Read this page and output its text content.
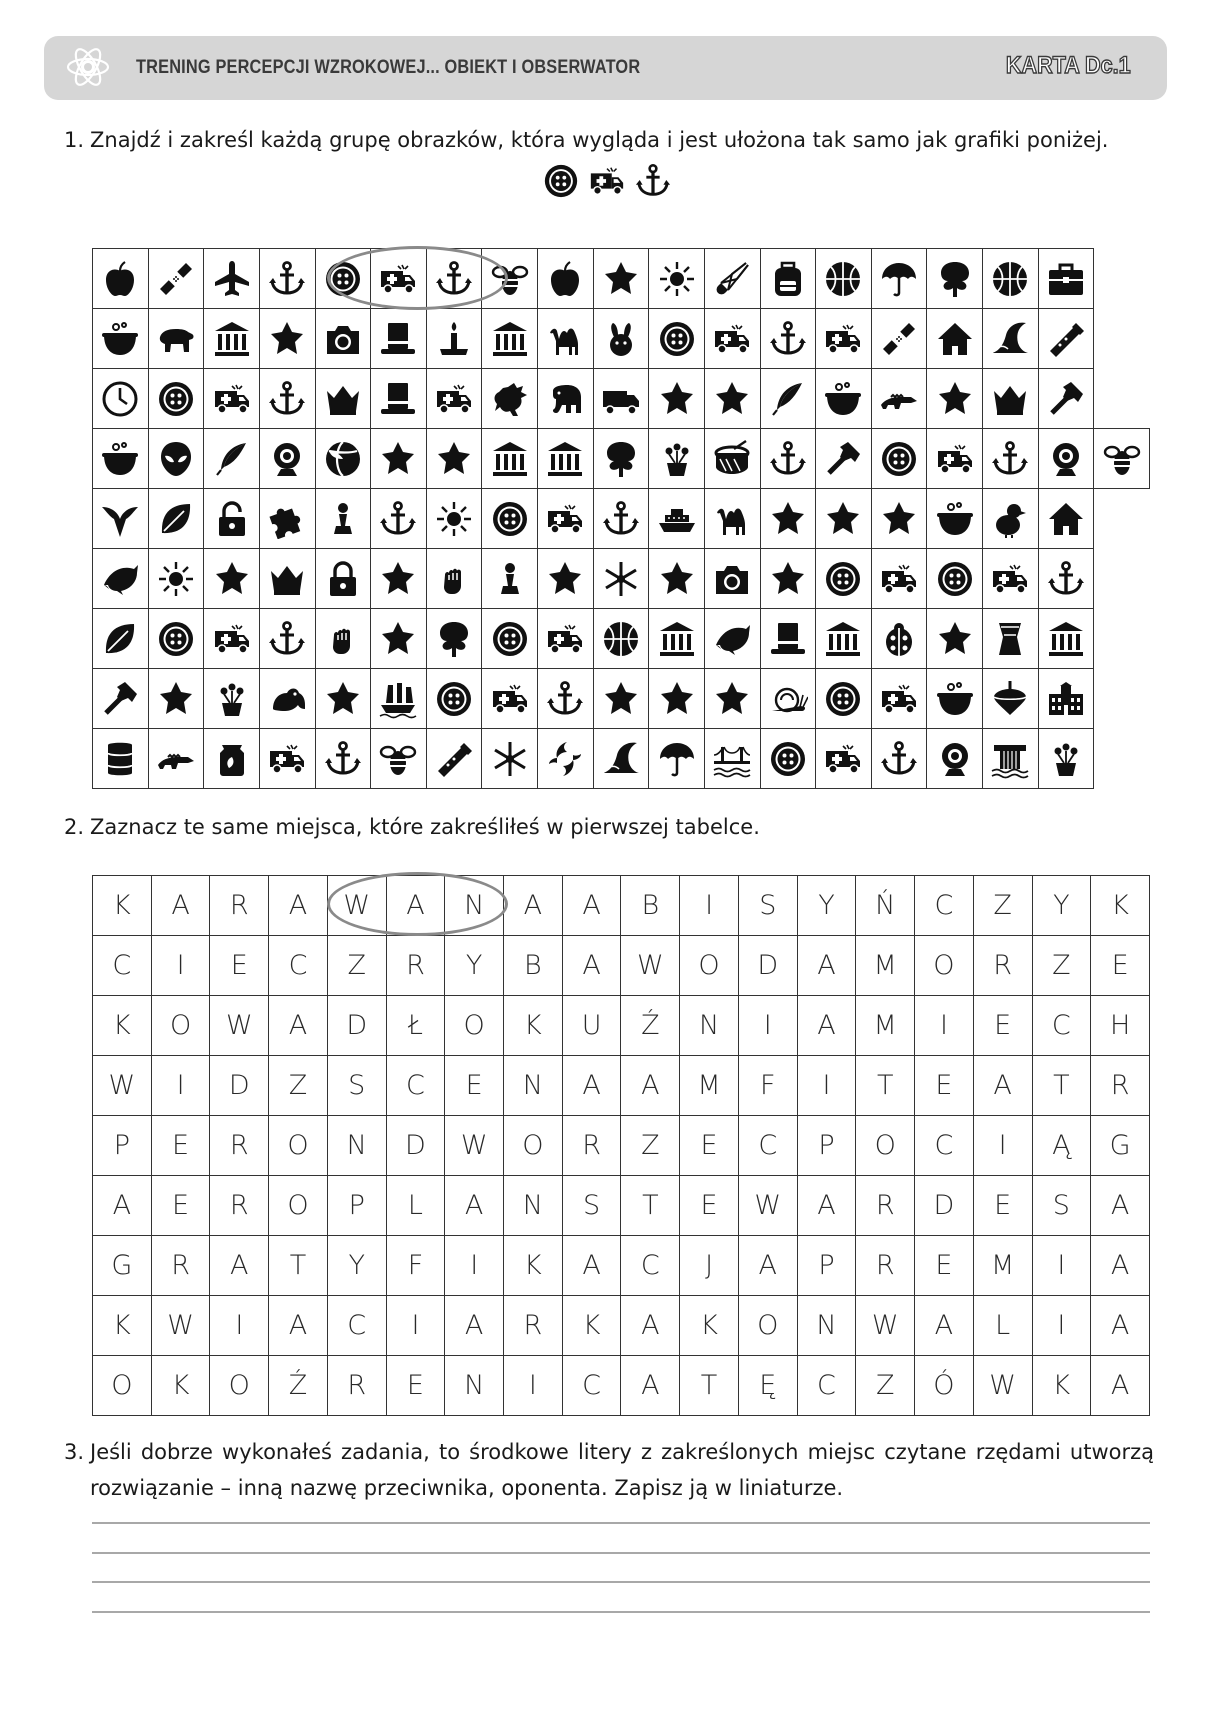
TRENING PERCEPCJI WZROKOWEJ... OBIEKT I OBSERWATOR	KARTA Dc.1
1. Znajdź i zakreśl każdą grupę obrazków, która wygląda i jest ułożona tak samo jak grafiki poniżej.

2. Zaznacz te same miejsca, które zakreśliłeś w pierwszej tabelce.
K	A	R	A	W	A	N	A	A	B	I	S	Y	Ń	C	Z	Y	K
C	I	E	C	Z	R	Y	B	A	W	O	D	A	M	O	R	Z	E
K	O	W	A	D	Ł	O	K	U	Ź	N	I	A	M	I	E	C	H
W	I	D	Z	S	C	E	N	A	A	M	F	I	T	E	A	T	R
P	E	R	O	N	D	W	O	R	Z	E	C	P	O	C	I	Ą	G
A	E	R	O	P	L	A	N	S	T	E	W	A	R	D	E	S	A
G	R	A	T	Y	F	I	K	A	C	J	A	P	R	E	M	I	A
K	W	I	A	C	I	A	R	K	A	K	O	N	W	A	L	I	A
O	K	O	Ź	R	E	N	I	C	A	T	Ę	C	Z	Ó	W	K	A
3. Jeśli dobrze wykonałeś zadania, to środkowe litery z zakreślonych miejsc czytane rzędami utworzą rozwiązanie – inną nazwę przeciwnika, oponenta. Zapisz ją w liniaturze.
